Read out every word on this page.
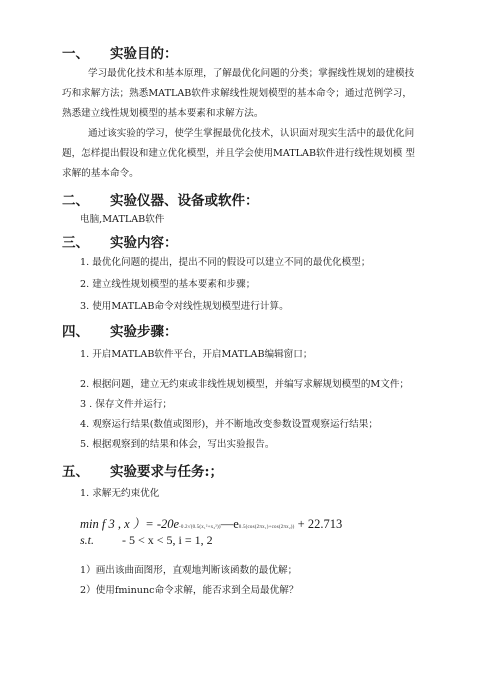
一、 实验目的：
学习最优化技术和基本原理，了解最优化问题的分类；掌握线性规划的建模技
巧和求解方法；熟悉MATLAB软件求解线性规划模型的基本命令；通过范例学习，
熟悉建立线性规划模型的基本要素和求解方法。
通过该实验的学习，使学生掌握最优化技术，认识面对现实生活中的最优化问
题，怎样提出假设和建立优化模型，并且学会使用MATLAB软件进行线性规划模 型
求解的基本命令。
二、 实验仪器、设备或软件：
电脑,MATLAB软件
三、 实验内容：
1. 最优化问题的提出，提出不同的假设可以建立不同的最优化模型；
2. 建立线性规划模型的基本要素和步骤；
3. 使用MATLAB命令对线性规划模型进行计算。
四、 实验步骤：
1. 开启MATLAB软件平台，开启MATLAB编辑窗口；
2. 根据问题，建立无约束或非线性规划模型，并编写求解规划模型的M文件；
3 . 保存文件并运行；
4. 观察运行结果(数值或图形)，并不断地改变参数设置观察运行结果；
5. 根据观察到的结果和体会，写出实验报告。
五、 实验要求与任务:；
1. 求解无约束优化
min f 3 , x ）= -20e-0.2√(0.5(x₁²+x₂²))—e0.5(cos(2πx₁)+cos(2πx₂)) + 22.713
s.t. - 5 < x < 5, i = 1, 2
1）画出该曲面图形，直观地判断该函数的最优解；
2）使用fminunc命令求解，能否求到全局最优解？
